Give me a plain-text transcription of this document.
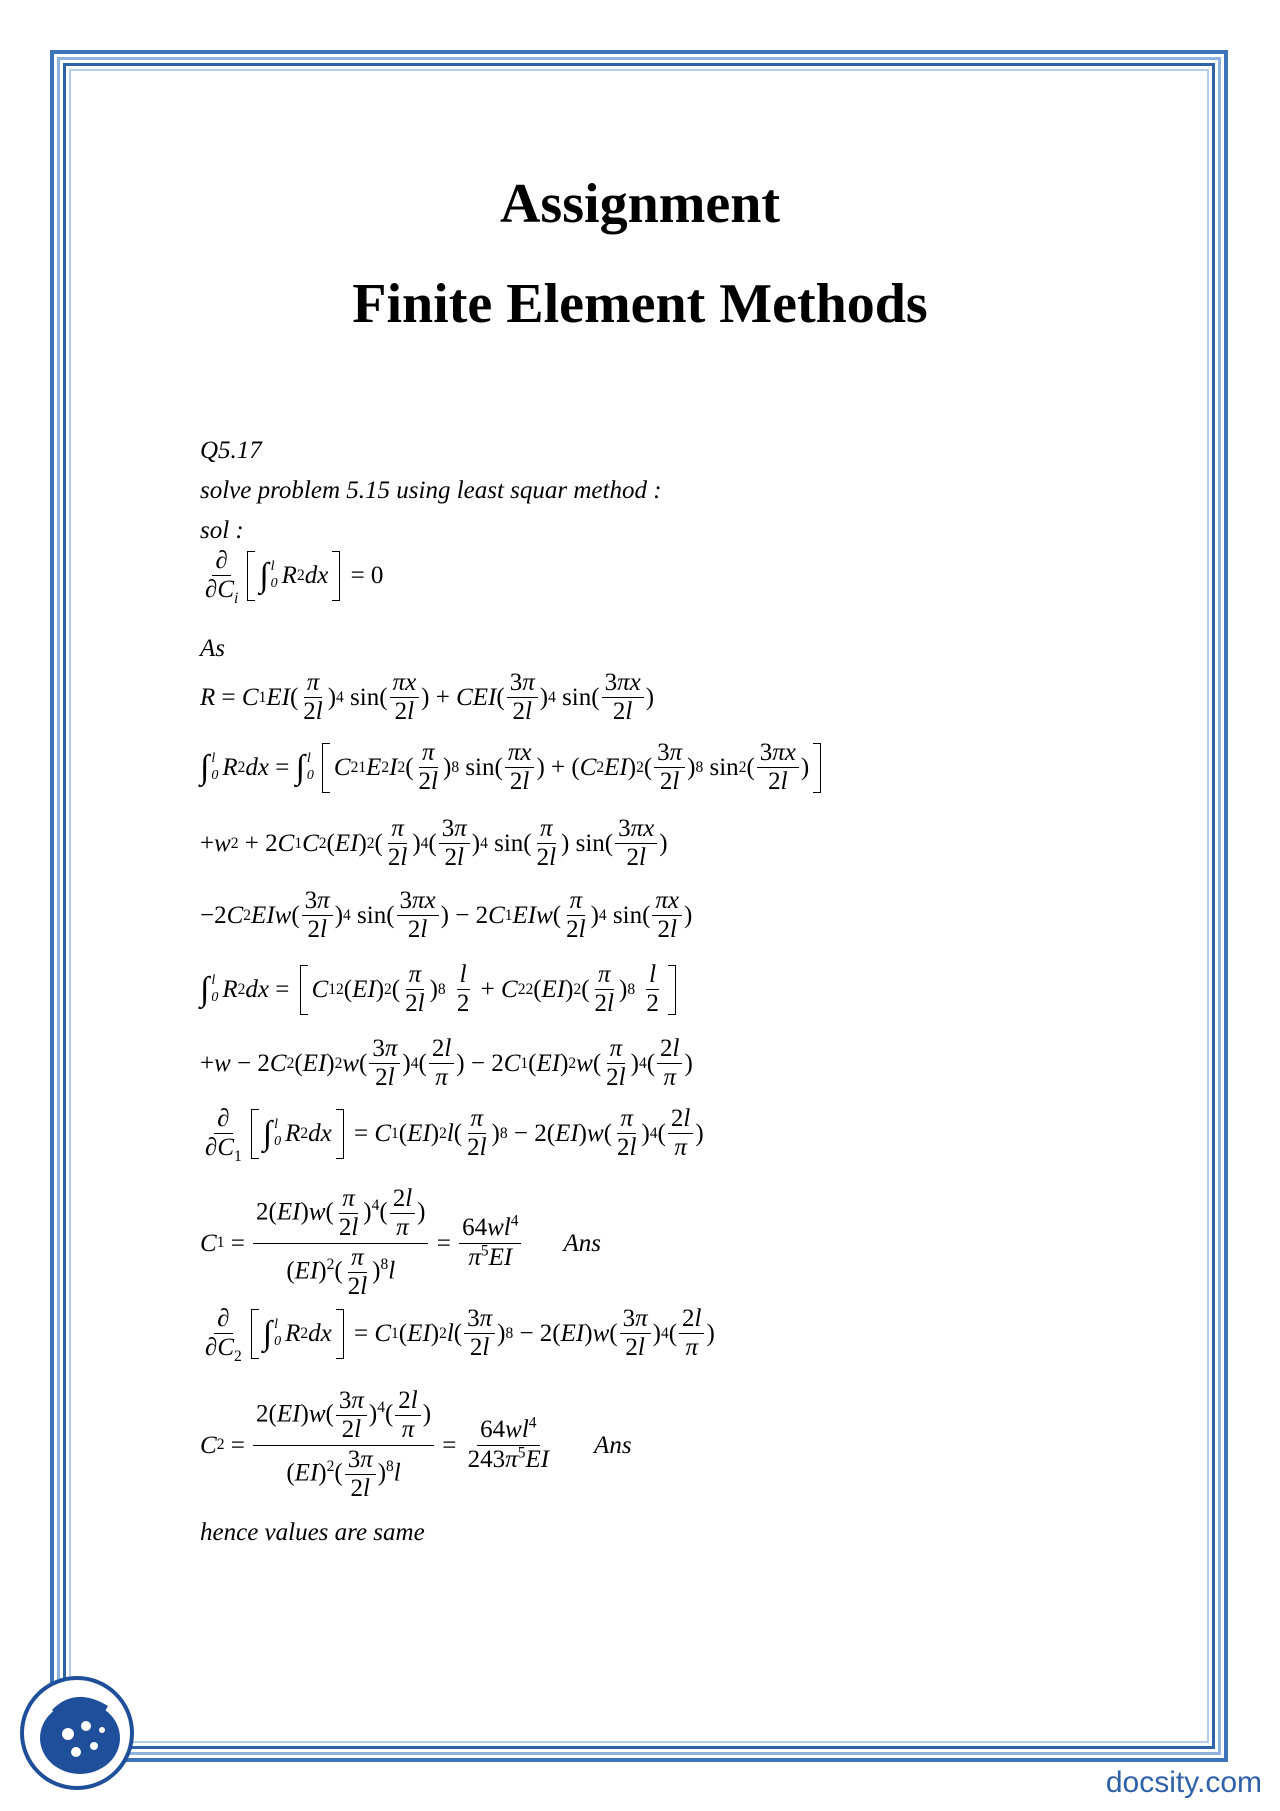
Assignment
Finite Element Methods
Q5.17
solve problem 5.15 using least squar method :
sol :
$\frac{\partial}{\partial C_i}$ ∫ l
0 R 2 dx = 0
As
R = C 1 EI ( $\frac{\pi}{2l}$ ) 4 $\sin( \frac{\pi x}{2l}$ ) + CEI ( $\frac{3\pi}{2l}$ ) 4 $\sin( \frac{3\pi x}{2l}$ )
∫ l
0 R 2 dx = ∫ l
0 C 2 1 E 2 I 2 ( $\frac{\pi}{2l}$ ) 8 $\sin( \frac{\pi x}{2l}$ ) + ( C 2 EI ) 2 ( $\frac{3\pi}{2l}$ ) 8 sin 2 ( $\frac{3\pi x}{2l}$ )
+ w 2 + 2 C 1 C 2 ( EI ) 2 ( $\frac{\pi}{2l}$ ) 4 ( $\frac{3\pi}{2l}$ ) 4 $\sin( \frac{\pi}{2l}$ ) $\sin( \frac{3\pi x}{2l}$ )
−2 C 2 EIw ( $\frac{3\pi}{2l}$ ) 4 $\sin( \frac{3\pi x}{2l}$ ) − 2 C 1 EIw ( $\frac{\pi}{2l}$ ) 4 $\sin( \frac{\pi x}{2l}$ )
∫ l
0 R 2 dx = C 1 2 ( EI ) 2 ( $\frac{\pi}{2l}$ ) 8
$\frac{l}{2} + C$ 2 2 ( EI ) 2 ( $\frac{\pi}{2l}$ ) 8
$\frac{l}{2}$
+ w − 2 C 2 ( EI ) 2 w ( $\frac{3\pi}{2l}$ ) 4 ( $\frac{2l}{\pi}$ ) − 2 C 1 ( EI ) 2 w ( $\frac{\pi}{2l}$ ) 4 ( $\frac{2l}{\pi}$ )
$\frac{\partial}{\partial C_1}$ ∫ l
0 R 2 dx = C 1 ( EI ) 2 l ( $\frac{\pi}{2l}$ ) 8 − 2( EI ) w ( $\frac{\pi}{2l}$ ) 4 ( $\frac{2l}{\pi}$ )
C $1 = \frac{2(EI)w( \frac{\pi}{2l} )^4( \frac{2l}{\pi} )}{(EI)^2( \frac{\pi}{2l} )^8l} = \frac{64wl^4}{\pi^5EI}$ Ans
$\frac{\partial}{\partial C_2}$ ∫ l
0 R 2 dx = C 1 ( EI ) 2 l ( $\frac{3\pi}{2l}$ ) 8 − 2( EI ) w ( $\frac{3\pi}{2l}$ ) 4 ( $\frac{2l}{\pi}$ )
C $2 = \frac{2(EI)w( \frac{3\pi}{2l} )^4( \frac{2l}{\pi} )}{(EI)^2( \frac{3\pi}{2l} )^8l} = \frac{64wl^4}{243\pi^5EI}$ Ans
hence values are same
docsity.com
